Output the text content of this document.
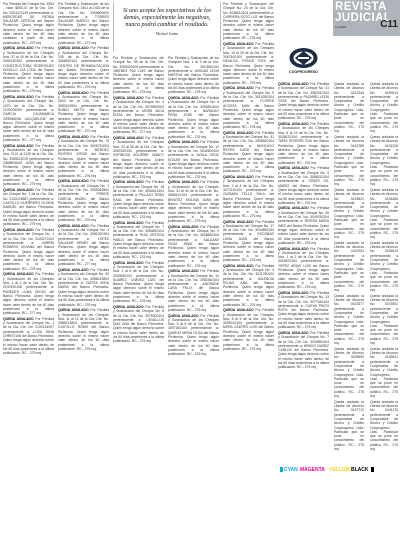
REVISTA
JUDICIAL
LA HORA	C11

Si uno acepta las expectativas de los demás, especialmente las negativas, nunca podrá cambiar el resultado.

Michael Jordan
COOPROGRESO

Por Pérdida del Cheque No. 1554 - valor $553,47 de la Cta. Cte. No. 2003471149 perteneciente a: MERCEDES DE FATIMA SALAZAR ORTEGA del Banco Pichincha. Quien tenga algún derecho sobre el mismo hacer valer dentro de los 60 días contados a partir de ésta publicación. RC.- 279 mq

QUEDA ANULADO Por Pérdida y Sustracción de los Cheques Nos. 37 al 40 de la Cta. Cte. No. 3490130300 perteneciente a: CONSTRUCTORA RODRIGUEZ NOVILLO CIA LTDA del Banco Pichincha. Quien tenga algún derecho sobre el mismo hacer valer dentro de los 60 días posteriores a la última publicación. RC.- 279 mq

QUEDA ANULADO Por Pérdida y Sustracción del Cheque No. 1070 de la Cta. Cte. No. 2100026259 perteneciente a: GARCIA CAJAMARCA GERMANIA JACQUELINE del Banco Pichincha. Quien tenga algún derecho sobre el mismo hacer valer dentro de los 60 días posteriores a la última publicación. RC.- 277 mq

QUEDA ANULADO Por Pérdida y Sustracción de los Cheques Nos. 2121 al 2125 de la Cta. Cte. No. 3055015700 perteneciente a: ZAMBRANO JUAN del Banco Pichincha. Quien tenga algún derecho sobre el mismo hacer valer dentro de los 60 días posteriores a la última publicación. RC.- 279 mq

QUEDA ANULADO Por Pérdida del Cheque No. 1 de la Cta. Cte. No. 2100126587 perteneciente a: CASTILLO GUERRERO GLORIA SAMUEL del Banco Pichincha. Quien tenga algún derecho sobre el mismo hacer valer dentro de los 60 días posteriores a la última publicación. RC.- 279 mq

QUEDA ANULADO Por Pérdida y Sustracción del Cheque No. 1 de la Cta. Cte. No. 3103170104 perteneciente a: JARRIN ROMERO VIVIANA del Banco Pichincha. Quien tenga algún derecho sobre el mismo hacer valer dentro de los 60 días posteriores a la última publicación. RC.- 278 mq

QUEDA ANULADO Por Pérdida y Sustracción de los Cheques Nos. 1 al 2 de la Cta. Cte. No. 2100190108 perteneciente a: PAREDES LUNA DIEGO del Banco Pichincha. Quien tenga algún derecho sobre el mismo hacer valer dentro de los 60 días posteriores a la última publicación. RC.- 277 mq

QUEDA ANULADO Por Pérdida y Sustracción del Cheque No. 1 de la Cta. Cte. No. 2100134097 perteneciente a: LOZA TANA CHRISTIAN del Banco Pichincha. Quien tenga algún derecho sobre el mismo hacer valer dentro de los 60 días posteriores a la última publicación. RC.- 279 mq

Por Pérdida y Sustracción de los Cheques Nos. 2401 al 2420 de la Cta. Cte. No. 3306800000 perteneciente a: TORRES SALAZAR MARCO del Banco Pichincha. Quien tenga algún derecho sobre el mismo hacer valer dentro de los 60 días posteriores a la última publicación. RC.- 272 mq

QUEDA ANULADO Por Pérdida y Sustracción del Cheque No. 105 de la Cta. Cte. No. 3264600104 perteneciente a: CENTRO DE REHABILITACION del Banco Pichincha. Quien tenga algún derecho sobre el mismo hacer valer dentro de los 60 días posteriores a la última publicación. RC.- 276 mq

QUEDA ANULADO Por Pérdida y Sustracción del Cheque No. 2543 de la Cta. Cte. No. 3083103904 perteneciente a: RUBIO NIETO del Banco Pichincha. Quien tenga algún derecho sobre el mismo hacer valer dentro de los 60 días posteriores a la última publicación. RC.- 272 mq

QUEDA ANULADO Por Pérdida y Sustracción del Cheque No. 79 de la Cta. Cte. No. 3006720004 perteneciente a: MENDEZ RIOFRIO JORGE del Banco Pichincha. Quien tenga algún derecho sobre el mismo hacer valer dentro de los 60 días posteriores a la última publicación. RC.- 276 mq

QUEDA ANULADO Por Pérdida y Sustracción del Cheque No. 1 de la Cta. Cte. No. 3059063504 perteneciente a: FREIRE GARCIA ANGEL del Banco Pichincha. Quien tenga algún derecho sobre el mismo hacer valer dentro de los 60 días posteriores a la última publicación. RC.- 276 mq

QUEDA ANULADO Por Pérdida y Sustracción del Cheque No. 3 de la Cta. Cte. No. 3081300104 perteneciente a: LOPEZ SALAZAR HENRY del Banco Pichincha. Quien tenga algún derecho sobre el mismo hacer valer dentro de los 60 días posteriores a la última publicación. RC.- 277 mq

QUEDA ANULADO Por Pérdida y Sustracción del Cheque No. 90 de la Cta. Cte. No. 3086213804 perteneciente a: ZURITA VERA MARIA del Banco Pichincha. Quien tenga algún derecho sobre el mismo hacer valer dentro de los 60 días posteriores a la última publicación. RC.- 276 mq

QUEDA ANULADO Por Pérdida y Sustracción de los Cheques Nos. 11 al 12 de la Cta. Cte. No. 3086213804 perteneciente a: CASTILLO ROMO del Banco Pichincha. Quien tenga algún derecho sobre el mismo hacer valer dentro de los 60 días posteriores a la última publicación. RC.- 276 mq

Por Pérdida y Sustracción del Cheque No. 55 de la Cta. Cte. No. 3099420204 perteneciente a: JIMENEZ PAZ LUIS del Banco Pichincha. Quien tenga algún derecho sobre el mismo hacer valer dentro de los 60 días posteriores a la última publicación. RC.- 276 mq

QUEDA ANULADO Por Pérdida y Sustracción del Cheque No. 4 de la Cta. Cte. No. 3079590004 perteneciente a: MORA VACA ROSA del Banco Pichincha. Quien tenga algún derecho sobre el mismo hacer valer dentro de los 60 días posteriores a la última publicación. RC.- 277 mq

QUEDA ANULADO Por Pérdida y Sustracción de los Cheques Nos. 22 al 35 de la Cta. Cte. No. 3063760104 perteneciente a: ESPINOZA AGUIRRE NANCY del Banco Pichincha. Quien tenga algún derecho sobre el mismo hacer valer dentro de los 60 días posteriores a la última publicación. RC.- 276 mq

QUEDA ANULADO Por Pérdida y Sustracción del Cheque No. 18 de la Cta. Cte. No. 3034612404 perteneciente a: PILLAJO TIPAN RAUL del Banco Pichincha. Quien tenga algún derecho sobre el mismo hacer valer dentro de los 60 días posteriores a la última publicación. RC.- 276 mq

QUEDA ANULADO Por Pérdida y Sustracción del Cheque No. 7 de la Cta. Cte. No. 3054810104 perteneciente a: RUIZ ORTEGA PABLO del Banco Pichincha. Quien tenga algún derecho sobre el mismo hacer valer dentro de los 60 días posteriores a la última publicación. RC.- 276 mq

QUEDA ANULADO Por Pérdida y Sustracción de los Cheques Nos. 1 al 6 de la Cta. Cte. No. 3030530104 perteneciente a: SUAREZ CHAVEZ LUIS del Banco Pichincha. Quien tenga algún derecho sobre el mismo hacer valer dentro de los 60 días posteriores a la última publicación. RC.- 276 mq

QUEDA ANULADO Por Pérdida y Sustracción del Cheque No. 8 de la Cta. Cte. No. 3075300104 perteneciente a: CEVALLOS DIAZ ANA del Banco Pichincha. Quien tenga algún derecho sobre el mismo hacer valer dentro de los 60 días posteriores a la última publicación. RC.- 276 mq

Por Pérdida y Sustracción de los Cheques Nos. 1 al 3 de la Cta. Cte. No. 3013620104 perteneciente a: VARGAS LEON MARTHA del Banco Pichincha. Quien tenga algún derecho sobre el mismo hacer valer dentro de los 60 días posteriores a la última publicación. RC.- 278 mq

QUEDA ANULADO Por Pérdida y Sustracción del Cheque No. 6 de la Cta. Cte. No. 3094810004 perteneciente a: NARANJO PEÑA JOSE del Banco Pichincha. Quien tenga algún derecho sobre el mismo hacer valer dentro de los 60 días posteriores a la última publicación. RC.- 276 mq

QUEDA ANULADO Por Pérdida y Sustracción del Cheque No. 12 de la Cta. Cte. No. 3042500104 perteneciente a: AYALA CRUZ EDGAR del Banco Pichincha. Quien tenga algún derecho sobre el mismo hacer valer dentro de los 60 días posteriores a la última publicación. RC.- 276 mq

QUEDA ANULADO Por Pérdida y Sustracción de los Cheques Nos. 31 al 40 de la Cta. Cte. No. 3066410104 perteneciente a: BENITEZ MOLINA JUAN del Banco Pichincha. Quien tenga algún derecho sobre el mismo hacer valer dentro de los 60 días posteriores a la última publicación. RC.- 279 mq

QUEDA ANULADO Por Pérdida y Sustracción del Cheque No. 2 de la Cta. Cte. No. 3028830104 perteneciente a: SALAZAR VEGA IRMA del Banco Pichincha. Quien tenga algún derecho sobre el mismo hacer valer dentro de los 60 días posteriores a la última publicación. RC.- 276 mq

QUEDA ANULADO Por Pérdida y Sustracción del Cheque No. 14 de la Cta. Cte. No. 3081540104 perteneciente a: ANDRADE LARA FELIX del Banco Pichincha. Quien tenga algún derecho sobre el mismo hacer valer dentro de los 60 días posteriores a la última publicación. RC.- 276 mq

QUEDA ANULADO Por Pérdida y Sustracción de los Cheques Nos. 5 al 8 de la Cta. Cte. No. 3097160104 perteneciente a: QUIROZ MENA OLGA del Banco Pichincha. Quien tenga algún derecho sobre el mismo hacer valer dentro de los 60 días posteriores a la última publicación. RC.- 276 mq

Por Pérdida y Sustracción del Cheque No. 24 de la Cta. Cte. No. 3038510104 perteneciente a: CARRERA SOTO LUZ del Banco Pichincha. Quien tenga algún derecho sobre el mismo hacer valer dentro de los 60 días posteriores a la última publicación. RC.- 276 mq

QUEDA ANULADO Por Pérdida y Sustracción de los Cheques Nos. 15 al 20 de la Cta. Cte. No. 3067400104 perteneciente a: HIDALGO PONCE RITA del Banco Pichincha. Quien tenga algún derecho sobre el mismo hacer valer dentro de los 60 días posteriores a la última publicación. RC.- 276 mq

QUEDA ANULADO Por Pérdida y Sustracción del Cheque No. 9 de la Cta. Cte. No. 3019250104 perteneciente a: FLORES ACOSTA IVAN del Banco Pichincha. Quien tenga algún derecho sobre el mismo hacer valer dentro de los 60 días posteriores a la última publicación. RC.- 276 mq

QUEDA ANULADO Por Pérdida y Sustracción del Cheque No. 31 de la Cta. Cte. No. 3055600104 perteneciente a: MONCAYO REYES SARA del Banco Pichincha. Quien tenga algún derecho sobre el mismo hacer valer dentro de los 60 días posteriores a la última publicación. RC.- 276 mq

QUEDA ANULADO Por Pérdida y Sustracción de los Cheques Nos. 2 al 4 de la Cta. Cte. No. 3072210104 perteneciente a: GUZMAN TELLO RAUL del Banco Pichincha. Quien tenga algún derecho sobre el mismo hacer valer dentro de los 60 días posteriores a la última publicación. RC.- 276 mq

QUEDA ANULADO Por Pérdida y Sustracción del Cheque No. 17 de la Cta. Cte. No. 3044890104 perteneciente a: ESCOBAR LUNA JUAN del Banco Pichincha. Quien tenga algún derecho sobre el mismo hacer valer dentro de los 60 días posteriores a la última publicación. RC.- 276 mq

QUEDA ANULADO Por Pérdida y Sustracción del Cheque No. 3 de la Cta. Cte. No. 3011780104 perteneciente a: VALENCIA ROJAS ANA del Banco Pichincha. Quien tenga algún derecho sobre el mismo hacer valer dentro de los 60 días posteriores a la última publicación. RC.- 276 mq

QUEDA ANULADO Por Pérdida y Sustracción de los Cheques Nos. 8 al 9 de la Cta. Cte. No. 3099010104 perteneciente a: MERA CASTRO LUIS del Banco Pichincha. Quien tenga algún derecho sobre el mismo hacer valer dentro de los 60 días posteriores a la última publicación. RC.- 276 mq

QUEDA ANULADO Por Pérdida y Sustracción del Cheque No. 41 de la Cta. Cte. No. 3060310104 perteneciente a: PAZMIÑO LEON JOSE del Banco Pichincha. Quien tenga algún derecho sobre el mismo hacer valer dentro de los 60 días posteriores a la última publicación. RC.- 276 mq

QUEDA ANULADO Por Pérdida y Sustracción de los Cheques Nos. 6 al 10 de la Cta. Cte. No. 3025670104 perteneciente a: TAPIA ROSERO EVA del Banco Pichincha. Quien tenga algún derecho sobre el mismo hacer valer dentro de los 60 días posteriores a la última publicación. RC.- 276 mq

QUEDA ANULADO Por Pérdida y Sustracción del Cheque No. 5 de la Cta. Cte. No. 3088310104 perteneciente a: OÑATE GIL MARIO del Banco Pichincha. Quien tenga algún derecho sobre el mismo hacer valer dentro de los 60 días posteriores a la última publicación. RC.- 276 mq

QUEDA ANULADO Por Pérdida y Sustracción del Cheque No. 26 de la Cta. Cte. No. 3049760104 perteneciente a: RIVERA MORA INES del Banco Pichincha. Quien tenga algún derecho sobre el mismo hacer valer dentro de los 60 días posteriores a la última publicación. RC.- 276 mq

QUEDA ANULADO Por Pérdida y Sustracción de los Cheques Nos. 1 al 2 de la Cta. Cte. No. 3016520104 perteneciente a: YEPEZ ARIAS LUIS del Banco Pichincha. Quien tenga algún derecho sobre el mismo hacer valer dentro de los 60 días posteriores a la última publicación. RC.- 276 mq

QUEDA ANULADO Por Pérdida y Sustracción del Cheque No. 13 de la Cta. Cte. No. 3077450104 perteneciente a: CUEVA PINTO RUTH del Banco Pichincha. Quien tenga algún derecho sobre el mismo hacer valer dentro de los 60 días posteriores a la última publicación. RC.- 276 mq

QUEDA ANULADO Por Pérdida y Sustracción del Cheque No. 7 de la Cta. Cte. No. 3033890104 perteneciente a: BRAVO NUÑEZ CARLOS del Banco Pichincha. Quien tenga algún derecho sobre el mismo hacer valer dentro de los 60 días posteriores a la última publicación. RC.- 276 mq

Queda anulada la Libreta de Ahorros No. 0412345 perteneciente a Cooperativa de Ahorro y Crédito Cooprogreso Ltda. Particular que se pone en conocimiento del público. RC.- 275 mq

Queda anulada la Libreta de Ahorros No. 0416789 perteneciente a Cooperativa de Ahorro y Crédito Cooprogreso Ltda. Particular que se pone en conocimiento del público. RC.- 275 mq

Queda anulada la Libreta de Ahorros No. 0418821 perteneciente a Cooperativa de Ahorro y Crédito Cooprogreso Ltda. Particular que se pone en conocimiento del público. RC.- 275 mq

Queda anulada la Libreta de Ahorros No. 0420311 perteneciente a Cooperativa de Ahorro y Crédito Cooprogreso Ltda. Particular que se pone en conocimiento del público. RC.- 275 mq

Queda anulada la Libreta de Ahorros No. 0423377 perteneciente a Cooperativa de Ahorro y Crédito Cooprogreso Ltda. Particular que se pone en conocimiento del público. RC.- 275 mq

Queda anulada la Libreta de Ahorros No. 0425590 perteneciente a Cooperativa de Ahorro y Crédito Cooprogreso Ltda. Particular que se pone en conocimiento del público. RC.- 275 mq

Queda anulada la Libreta de Ahorros No. 0427712 perteneciente a Cooperativa de Ahorro y Crédito Cooprogreso Ltda. Particular que se pone en conocimiento del público. RC.- 275 mq

Queda anulada la Libreta de Ahorros No. 0430014 perteneciente a Cooperativa de Ahorro y Crédito Cooprogreso Ltda. Particular que se pone en conocimiento del público. RC.- 275 mq

Queda anulada la Libreta de Ahorros No. 0431228 perteneciente a Cooperativa de Ahorro y Crédito Cooprogreso Ltda. Particular que se pone en conocimiento del público. RC.- 275 mq

Queda anulada la Libreta de Ahorros No. 0433465 perteneciente a Cooperativa de Ahorro y Crédito Cooprogreso Ltda. Particular que se pone en conocimiento del público. RC.- 275 mq

Queda anulada la Libreta de Ahorros No. 0435510 perteneciente a Cooperativa de Ahorro y Crédito Cooprogreso Ltda. Particular que se pone en conocimiento del público. RC.- 275 mq

Queda anulada la Libreta de Ahorros No. 0437802 perteneciente a Cooperativa de Ahorro y Crédito Cooprogreso Ltda. Particular que se pone en conocimiento del público. RC.- 275 mq

Queda anulada la Libreta de Ahorros No. 0439941 perteneciente a Cooperativa de Ahorro y Crédito Cooprogreso Ltda. Particular que se pone en conocimiento del público. RC.- 275 mq

Queda anulada la Libreta de Ahorros No. 0441176 perteneciente a Cooperativa de Ahorro y Crédito Cooprogreso Ltda. Particular que se pone en conocimiento del público. RC.- 275 mq

CYAN MAGENTA YELLOW BLACK
